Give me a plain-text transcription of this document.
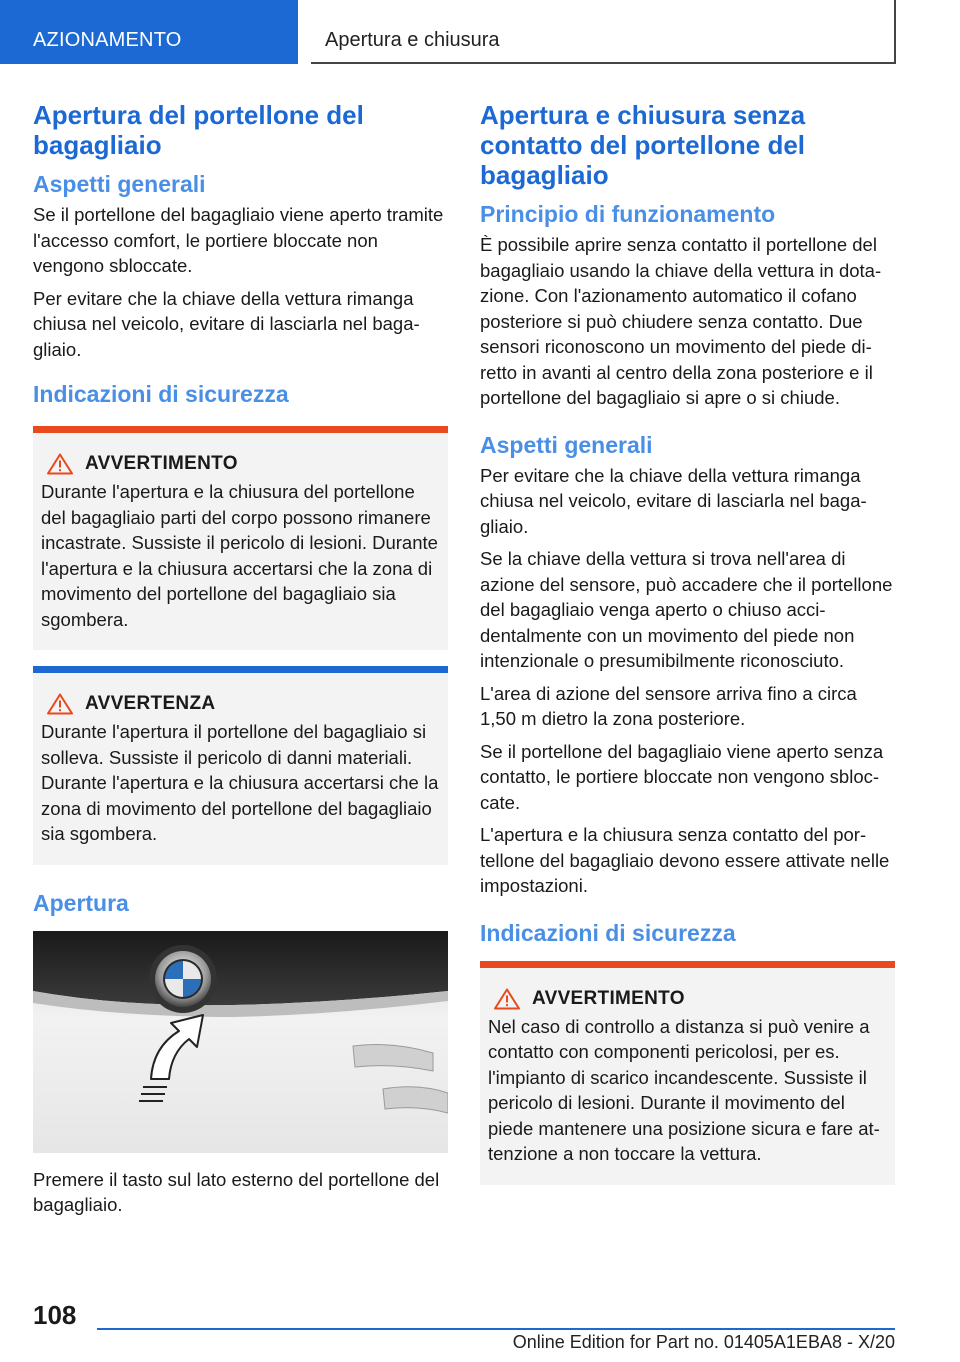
AZIONAMENTO	Apertura e chiusura
Apertura del portellone del bagagliaio
Aspetti generali

Se il portellone del bagagliaio viene aperto tramite l'accesso comfort, le portiere bloccate non vengono sbloccate.

Per evitare che la chiave della vettura rimanga chiusa nel veicolo, evitare di lasciarla nel bagagliaio.

Indicazioni di sicurezza
AVVERTIMENTO

Durante l'apertura e la chiusura del portellone del bagagliaio parti del corpo possono rimanere incastrate. Sussiste il pericolo di lesioni. Durante l'apertura e la chiusura accertarsi che la zona di movimento del portellone del bagagliaio sia sgombera.

AVVERTENZA

Durante l'apertura il portellone del bagagliaio si solleva. Sussiste il pericolo di danni materiali. Durante l'apertura e la chiusura accertarsi che la zona di movimento del portellone del bagagliaio sia sgombera.

Apertura

Premere il tasto sul lato esterno del portellone del bagagliaio.

Apertura e chiusura senza contatto del portellone del bagagliaio
Principio di funzionamento

È possibile aprire senza contatto il portellone del bagagliaio usando la chiave della vettura in dotazione. Con l'azionamento automatico il cofano posteriore si può chiudere senza contatto. Due sensori riconoscono un movimento del piede diretto in avanti al centro della zona posteriore e il portellone del bagagliaio si apre o si chiude.

Aspetti generali

Per evitare che la chiave della vettura rimanga chiusa nel veicolo, evitare di lasciarla nel bagagliaio.

Se la chiave della vettura si trova nell'area di azione del sensore, può accadere che il portellone del bagagliaio venga aperto o chiuso accidentalmente con un movimento del piede non intenzionale o presumibilmente riconosciuto.

L'area di azione del sensore arriva fino a circa 1,50 m dietro la zona posteriore.

Se il portellone del bagagliaio viene aperto senza contatto, le portiere bloccate non vengono sbloccate.

L'apertura e la chiusura senza contatto del portellone del bagagliaio devono essere attivate nelle impostazioni.

Indicazioni di sicurezza
AVVERTIMENTO

Nel caso di controllo a distanza si può venire a contatto con componenti pericolosi, per es. l'impianto di scarico incandescente. Sussiste il pericolo di lesioni. Durante il movimento del piede mantenere una posizione sicura e fare attenzione a non toccare la vettura.

108
Online Edition for Part no. 01405A1EBA8 - X/20
